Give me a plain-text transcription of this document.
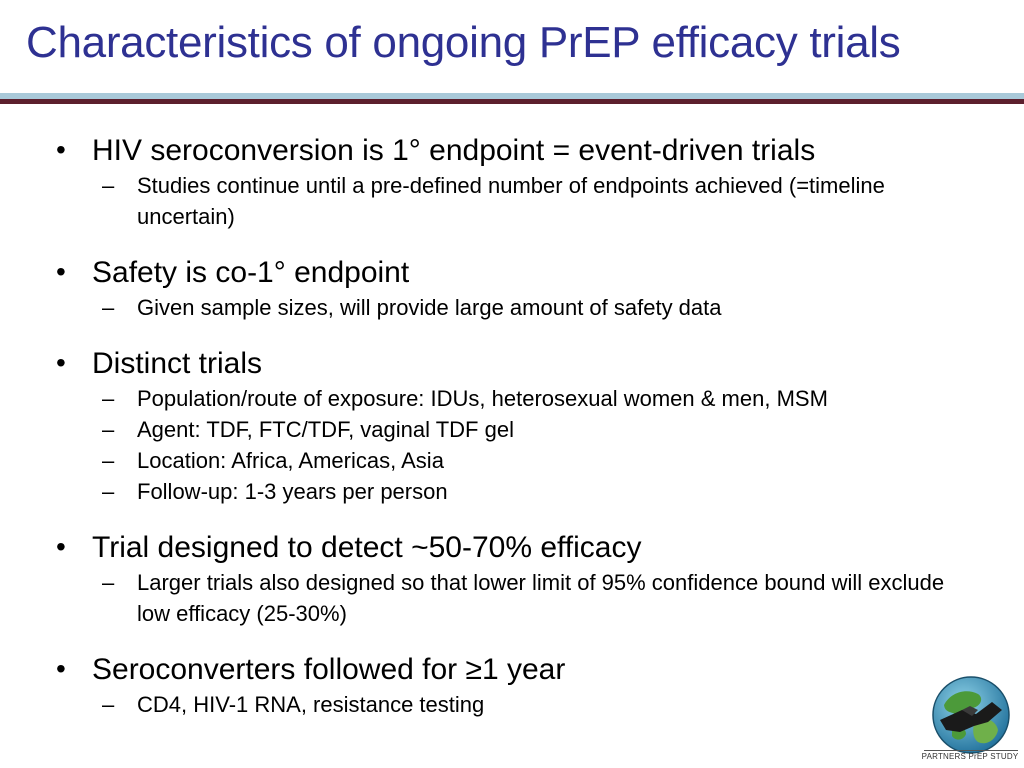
Characteristics of ongoing PrEP efficacy trials
• HIV seroconversion is 1° endpoint = event-driven trials
– Studies continue until a pre-defined number of endpoints achieved (=timeline uncertain)
• Safety is co-1° endpoint
– Given sample sizes, will provide large amount of safety data
• Distinct trials
– Population/route of exposure: IDUs, heterosexual women & men, MSM
– Agent: TDF, FTC/TDF, vaginal TDF gel
– Location: Africa, Americas, Asia
– Follow-up: 1-3 years per person
• Trial designed to detect ~50-70% efficacy
– Larger trials also designed so that lower limit of 95% confidence bound will exclude low efficacy (25-30%)
• Seroconverters followed for ≥1 year
– CD4, HIV-1 RNA, resistance testing
PARTNERS PrEP STUDY
